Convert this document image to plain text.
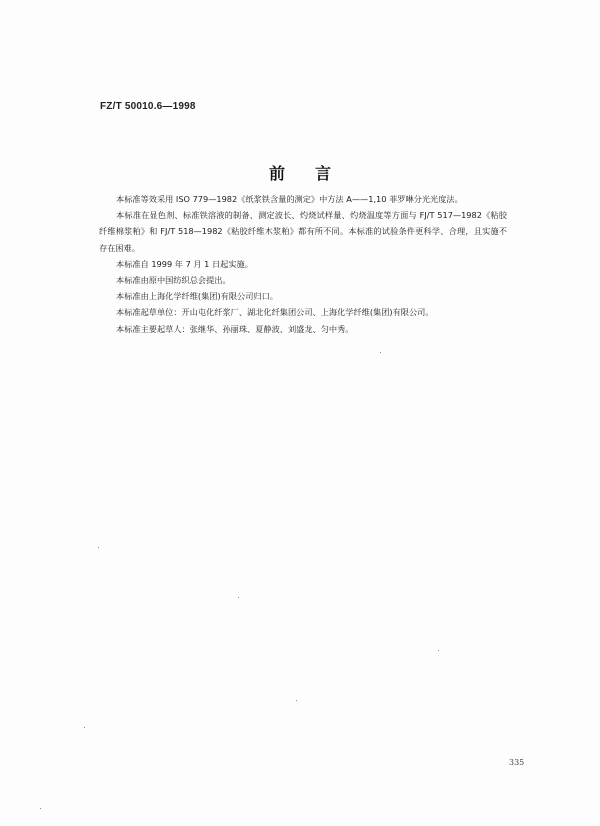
FZ/T 50010.6—1998
前言

本标准等效采用 ISO 779—1982《纸浆铁含量的测定》中方法 A——1,10 菲罗啉分光光度法。

本标准在显色剂、标准铁溶液的制备、测定波长、灼烧试样量、灼烧温度等方面与 FJ/T 517—1982《粘胶纤维棉浆粕》和 FJ/T 518—1982《粘胶纤维木浆粕》都有所不同。本标准的试验条件更科学、合理，且实施不存在困难。

本标准自 1999 年 7 月 1 日起实施。

本标准由原中国纺织总会提出。

本标准由上海化学纤维(集团)有限公司归口。

本标准起草单位：开山屯化纤浆厂、湖北化纤集团公司、上海化学纤维(集团)有限公司。

本标准主要起草人：张继华、孙丽珠、夏静波、刘盛龙、匀中秀。

335
